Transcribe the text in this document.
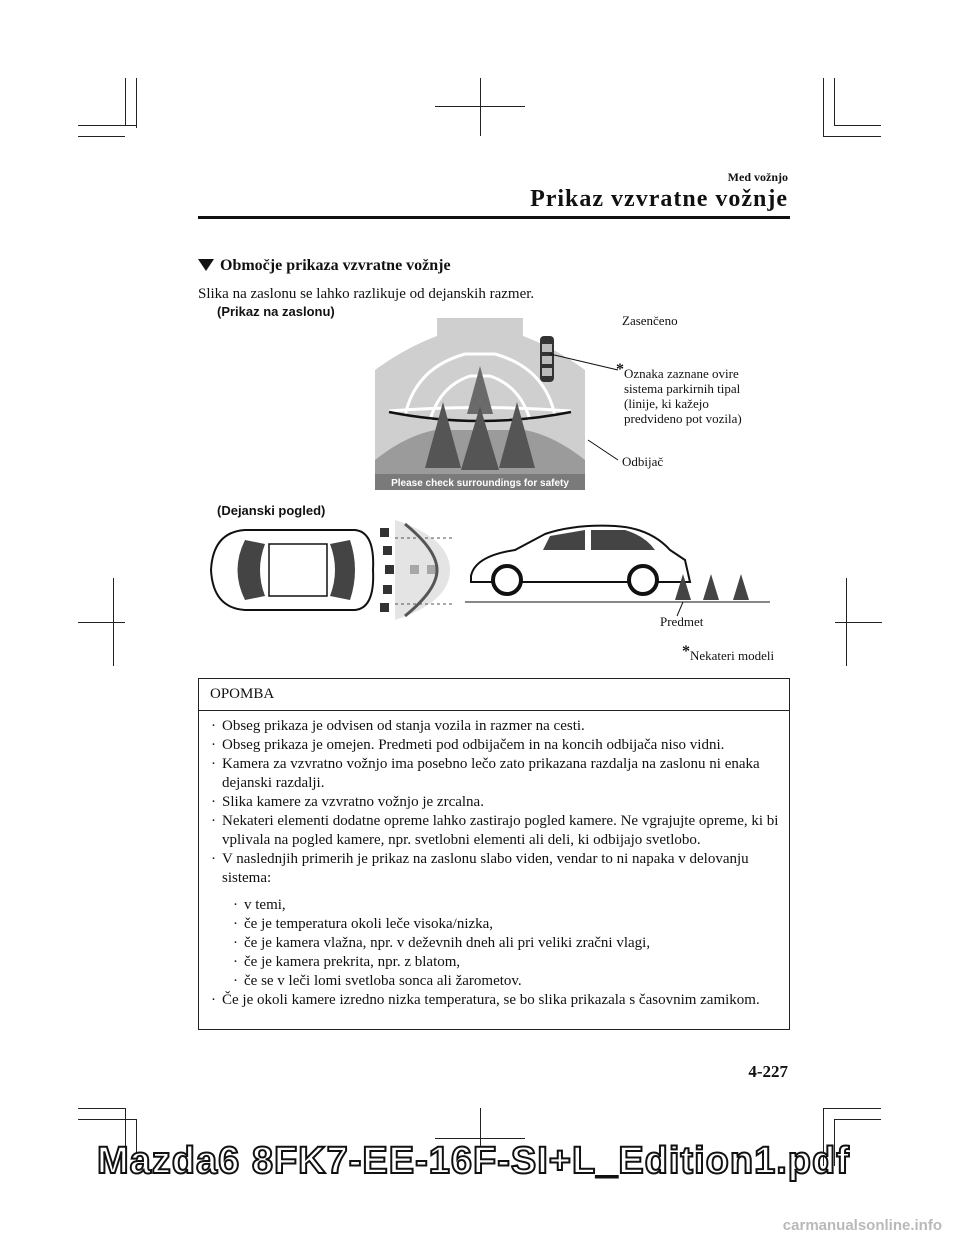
Med vožnjo
Prikaz vzvratne vožnje
Območje prikaza vzvratne vožnje
Slika na zaslonu se lahko razlikuje od dejanskih razmer.
(Prikaz na zaslonu)
Please check surroundings for safety
Zasenčeno
*Oznaka zaznane ovire
sistema parkirnih tipal
(linije, ki kažejo
predvideno pot vozila)
Odbijač
(Dejanski pogled)
Predmet
*Nekateri modeli
OPOMBA
· Obseg prikaza je odvisen od stanja vozila in razmer na cesti.
· Obseg prikaza je omejen. Predmeti pod odbijačem in na koncih odbijača niso vidni.
· Kamera za vzvratno vožnjo ima posebno lečo zato prikazana razdalja na zaslonu ni enaka dejanski razdalji.
· Slika kamere za vzvratno vožnjo je zrcalna.
· Nekateri elementi dodatne opreme lahko zastirajo pogled kamere. Ne vgrajujte opreme, ki bi vplivala na pogled kamere, npr. svetlobni elementi ali deli, ki odbijajo svetlobo.
· V naslednjih primerih je prikaz na zaslonu slabo viden, vendar to ni napaka v delovanju sistema:
· v temi,
· če je temperatura okoli leče visoka/nizka,
· če je kamera vlažna, npr. v deževnih dneh ali pri veliki zračni vlagi,
· če je kamera prekrita, npr. z blatom,
· če se v leči lomi svetloba sonca ali žarometov.
· Če je okoli kamere izredno nizka temperatura, se bo slika prikazala s časovnim zamikom.
4-227
Mazda6 8FK7-EE-16F-SI+L_Edition1.pdf
carmanualsonline.info
